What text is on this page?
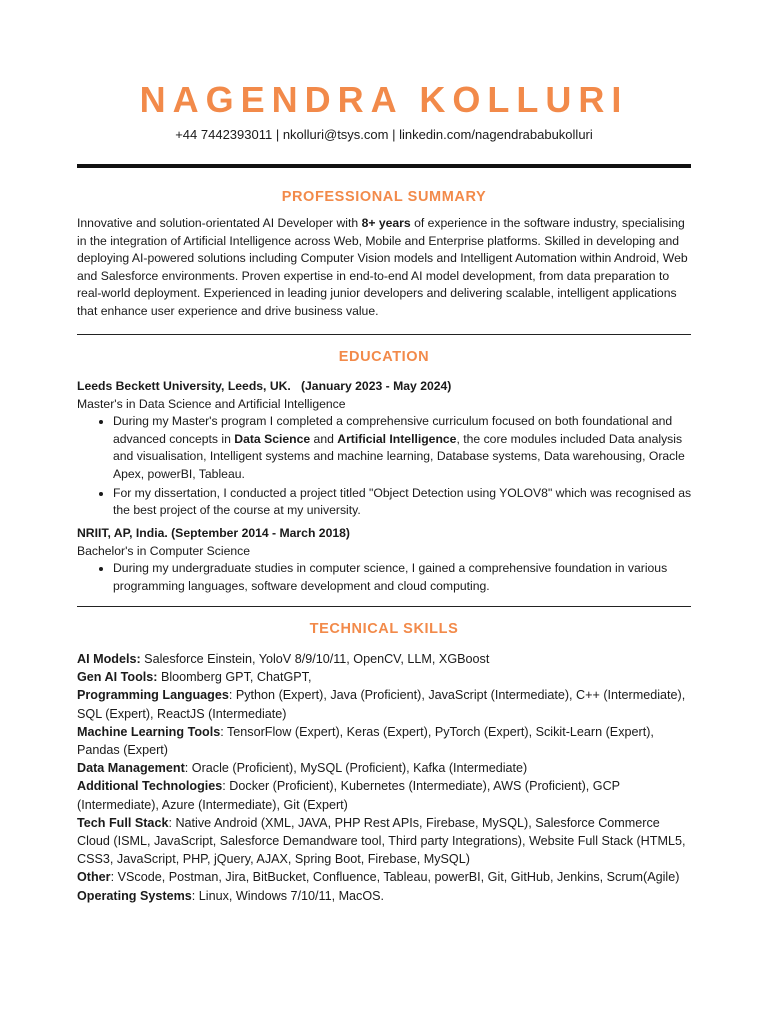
NAGENDRA KOLLURI
+44 7442393011 | nkolluri@tsys.com | linkedin.com/nagendrababukolluri
PROFESSIONAL SUMMARY

Innovative and solution-orientated AI Developer with 8+ years of experience in the software industry, specialising in the integration of Artificial Intelligence across Web, Mobile and Enterprise platforms. Skilled in developing and deploying AI-powered solutions including Computer Vision models and Intelligent Automation within Android, Web and Salesforce environments. Proven expertise in end-to-end AI model development, from data preparation to real-world deployment. Experienced in leading junior developers and delivering scalable, intelligent applications that enhance user experience and drive business value.

EDUCATION

Leeds Beckett University, Leeds, UK.   (January 2023 - May 2024)

Master's in Data Science and Artificial Intelligence

• During my Master's program I completed a comprehensive curriculum focused on both foundational and advanced concepts in Data Science and Artificial Intelligence, the core modules included Data analysis and visualisation, Intelligent systems and machine learning, Database systems, Data warehousing, Oracle Apex, powerBI, Tableau.
• For my dissertation, I conducted a project titled "Object Detection using YOLOV8" which was recognised as the best project of the course at my university.

NRIIT, AP, India. (September 2014 - March 2018)

Bachelor's in Computer Science

• During my undergraduate studies in computer science, I gained a comprehensive foundation in various programming languages, software development and cloud computing.
TECHNICAL SKILLS

AI Models: Salesforce Einstein, YoloV 8/9/10/11, OpenCV, LLM, XGBoost

Gen AI Tools: Bloomberg GPT, ChatGPT,

Programming Languages: Python (Expert), Java (Proficient), JavaScript (Intermediate), C++ (Intermediate), SQL (Expert), ReactJS (Intermediate)

Machine Learning Tools: TensorFlow (Expert), Keras (Expert), PyTorch (Expert), Scikit-Learn (Expert), Pandas (Expert)

Data Management: Oracle (Proficient), MySQL (Proficient), Kafka (Intermediate)

Additional Technologies: Docker (Proficient), Kubernetes (Intermediate), AWS (Proficient), GCP (Intermediate), Azure (Intermediate), Git (Expert)

Tech Full Stack: Native Android (XML, JAVA, PHP Rest APIs, Firebase, MySQL), Salesforce Commerce Cloud (ISML, JavaScript, Salesforce Demandware tool, Third party Integrations), Website Full Stack (HTML5, CSS3, JavaScript, PHP, jQuery, AJAX, Spring Boot, Firebase, MySQL)

Other: VScode, Postman, Jira, BitBucket, Confluence, Tableau, powerBI, Git, GitHub, Jenkins, Scrum(Agile)

Operating Systems: Linux, Windows 7/10/11, MacOS.
